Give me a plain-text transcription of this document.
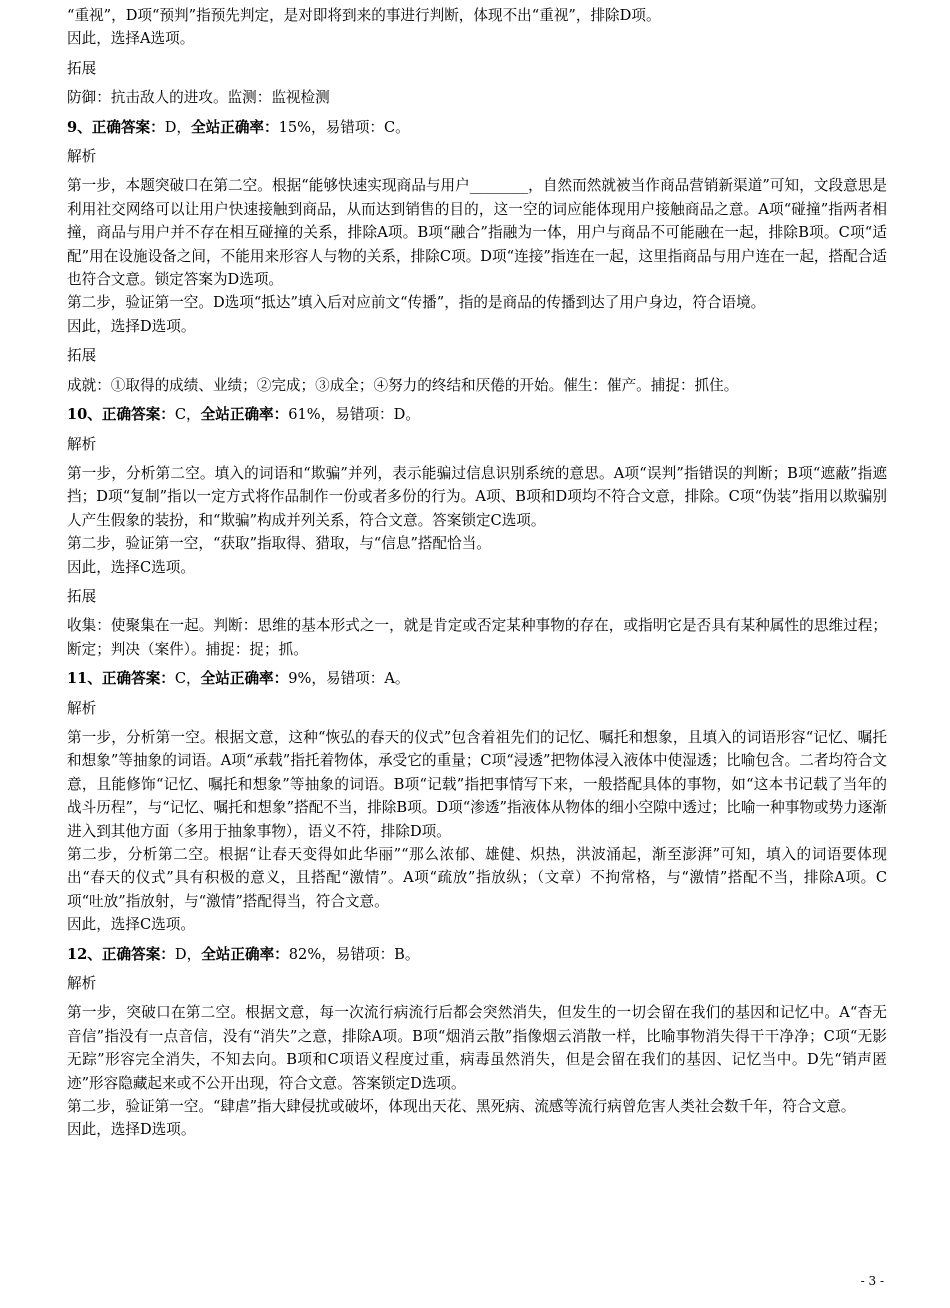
“重视”，D项“预判”指预先判定，是对即将到来的事进行判断，体现不出“重视”，排除D项。

因此，选择A选项。

拓展

防御：抗击敌人的进攻。监测：监视检测

9、正确答案：D，全站正确率：15%，易错项：C。

解析

第一步，本题突破口在第二空。根据“能够快速实现商品与用户________，自然而然就被当作商品营销新渠道”可知，文段意思是利用社交网络可以让用户快速接触到商品，从而达到销售的目的，这一空的词应能体现用户接触商品之意。A项“碰撞”指两者相撞，商品与用户并不存在相互碰撞的关系，排除A项。B项“融合”指融为一体，用户与商品不可能融在一起，排除B项。C项“适配”用在设施设备之间，不能用来形容人与物的关系，排除C项。D项“连接”指连在一起，这里指商品与用户连在一起，搭配合适也符合文意。锁定答案为D选项。

第二步，验证第一空。D选项“抵达”填入后对应前文“传播”，指的是商品的传播到达了用户身边，符合语境。

因此，选择D选项。

拓展

成就：①取得的成绩、业绩；②完成；③成全；④努力的终结和厌倦的开始。催生：催产。捕捉：抓住。

10、正确答案：C，全站正确率：61%，易错项：D。

解析

第一步，分析第二空。填入的词语和“欺骗”并列，表示能骗过信息识别系统的意思。A项“误判”指错误的判断；B项“遮蔽”指遮挡；D项“复制”指以一定方式将作品制作一份或者多份的行为。A项、B项和D项均不符合文意，排除。C项“伪装”指用以欺骗别人产生假象的装扮，和“欺骗”构成并列关系，符合文意。答案锁定C选项。

第二步，验证第一空，“获取”指取得、猎取，与“信息”搭配恰当。

因此，选择C选项。

拓展

收集：使聚集在一起。判断：思维的基本形式之一，就是肯定或否定某种事物的存在，或指明它是否具有某种属性的思维过程；断定；判决（案件）。捕捉：捉；抓。

11、正确答案：C，全站正确率：9%，易错项：A。

解析

第一步，分析第一空。根据文意，这种“恢弘的春天的仪式”包含着祖先们的记忆、嘱托和想象，且填入的词语形容“记忆、嘱托和想象”等抽象的词语。A项“承载”指托着物体，承受它的重量；C项“浸透”把物体浸入液体中使湿透；比喻包含。二者均符合文意，且能修饰“记忆、嘱托和想象”等抽象的词语。B项“记载”指把事情写下来，一般搭配具体的事物，如“这本书记载了当年的战斗历程”，与“记忆、嘱托和想象”搭配不当，排除B项。D项“渗透”指液体从物体的细小空隙中透过；比喻一种事物或势力逐渐进入到其他方面（多用于抽象事物），语义不符，排除D项。

第二步，分析第二空。根据“让春天变得如此华丽”“那么浓郁、雄健、炽热，洪波涌起，渐至澎湃”可知，填入的词语要体现出“春天的仪式”具有积极的意义，且搭配“激情”。A项“疏放”指放纵；（文章）不拘常格，与“激情”搭配不当，排除A项。C项“吐放”指放射，与“激情”搭配得当，符合文意。

因此，选择C选项。

12、正确答案：D，全站正确率：82%，易错项：B。

解析

第一步，突破口在第二空。根据文意，每一次流行病流行后都会突然消失，但发生的一切会留在我们的基因和记忆中。A“杳无音信”指没有一点音信，没有“消失”之意，排除A项。B项“烟消云散”指像烟云消散一样，比喻事物消失得干干净净；C项“无影无踪”形容完全消失，不知去向。B项和C项语义程度过重，病毒虽然消失，但是会留在我们的基因、记忆当中。D先“销声匿迹”形容隐藏起来或不公开出现，符合文意。答案锁定D选项。

第二步，验证第一空。“肆虐”指大肆侵扰或破坏，体现出天花、黑死病、流感等流行病曾危害人类社会数千年，符合文意。

因此，选择D选项。

- 3 -
